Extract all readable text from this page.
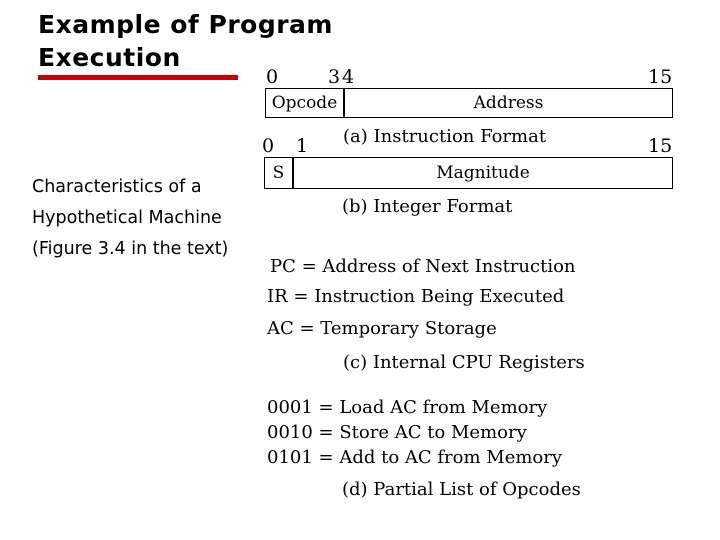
Example of Program
Execution
Characteristics of a
Hypothetical Machine
(Figure 3.4 in the text)
0	3 4	15
Opcode	Address
(a) Instruction Format
0 1	15
S	Magnitude
(b) Integer Format
PC = Address of Next Instruction
IR = Instruction Being Executed
AC = Temporary Storage
(c) Internal CPU Registers
0001 = Load AC from Memory
0010 = Store AC to Memory
0101 = Add to AC from Memory
(d) Partial List of Opcodes
